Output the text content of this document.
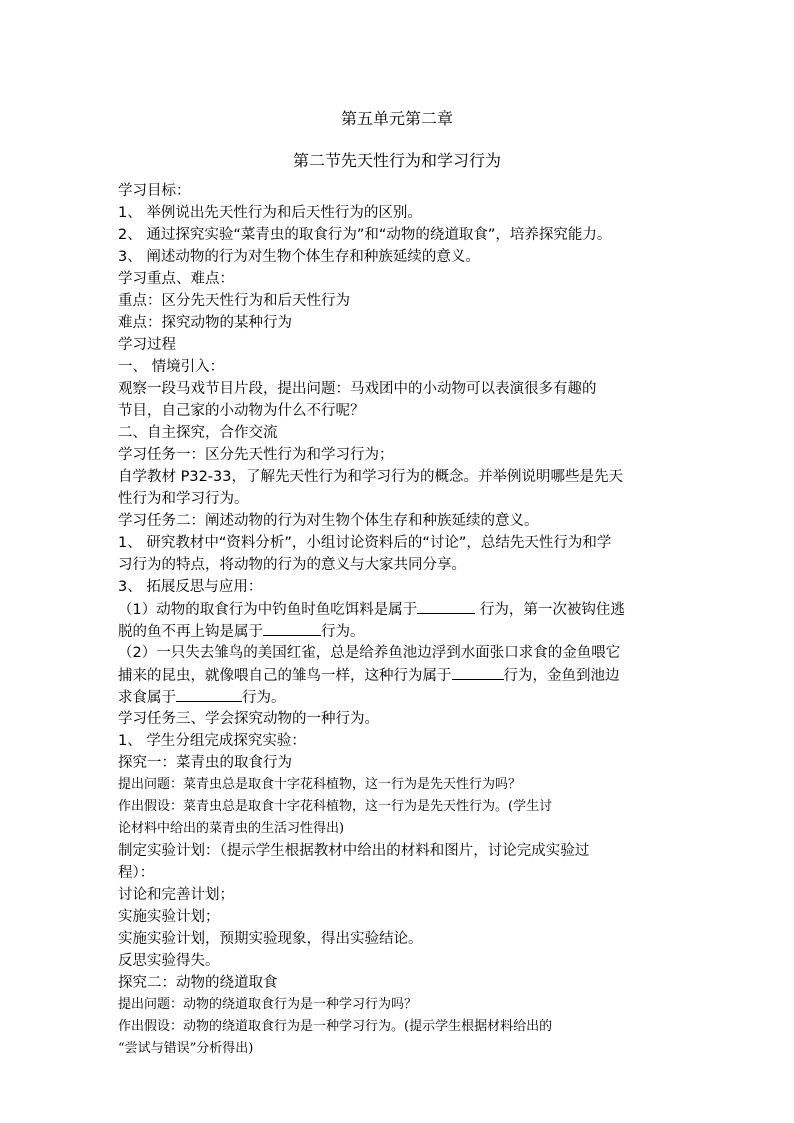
第五单元第二章
第二节先天性行为和学习行为
学习目标：
1、 举例说出先天性行为和后天性行为的区别。
2、 通过探究实验“菜青虫的取食行为”和“动物的绕道取食”，培养探究能力。
3、 阐述动物的行为对生物个体生存和种族延续的意义。
学习重点、难点：
重点：区分先天性行为和后天性行为
难点：探究动物的某种行为
学习过程
一、 情境引入：
观察一段马戏节目片段，提出问题：马戏团中的小动物可以表演很多有趣的
节目，自己家的小动物为什么不行呢？
二、自主探究，合作交流
学习任务一：区分先天性行为和学习行为；
自学教材 P32-33，了解先天性行为和学习行为的概念。并举例说明哪些是先天
性行为和学习行为。
学习任务二：阐述动物的行为对生物个体生存和种族延续的意义。
1、 研究教材中“资料分析”，小组讨论资料后的“讨论”，总结先天性行为和学
习行为的特点，将动物的行为的意义与大家共同分享。
3、 拓展反思与应用：
（1）动物的取食行为中钓鱼时鱼吃饵料是属于	行为，第一次被钩住逃
脱的鱼不再上钩是属于	行为。
（2）一只失去雏鸟的美国红雀，总是给养鱼池边浮到水面张口求食的金鱼喂它
捕来的昆虫，就像喂自己的雏鸟一样，这种行为属于	行为，金鱼到池边
求食属于	行为。
学习任务三、学会探究动物的一种行为。
1、 学生分组完成探究实验：
探究一：菜青虫的取食行为
提出问题：菜青虫总是取食十字花科植物，这一行为是先天性行为吗？
作出假设：菜青虫总是取食十字花科植物，这一行为是先天性行为。(学生讨
论材料中给出的菜青虫的生活习性得出)
制定实验计划：（提示学生根据教材中给出的材料和图片，讨论完成实验过
程）：
讨论和完善计划；
实施实验计划；
实施实验计划，预期实验现象，得出实验结论。
反思实验得失。
探究二：动物的绕道取食
提出问题：动物的绕道取食行为是一种学习行为吗？
作出假设：动物的绕道取食行为是一种学习行为。(提示学生根据材料给出的
“尝试与错误”分析得出)
